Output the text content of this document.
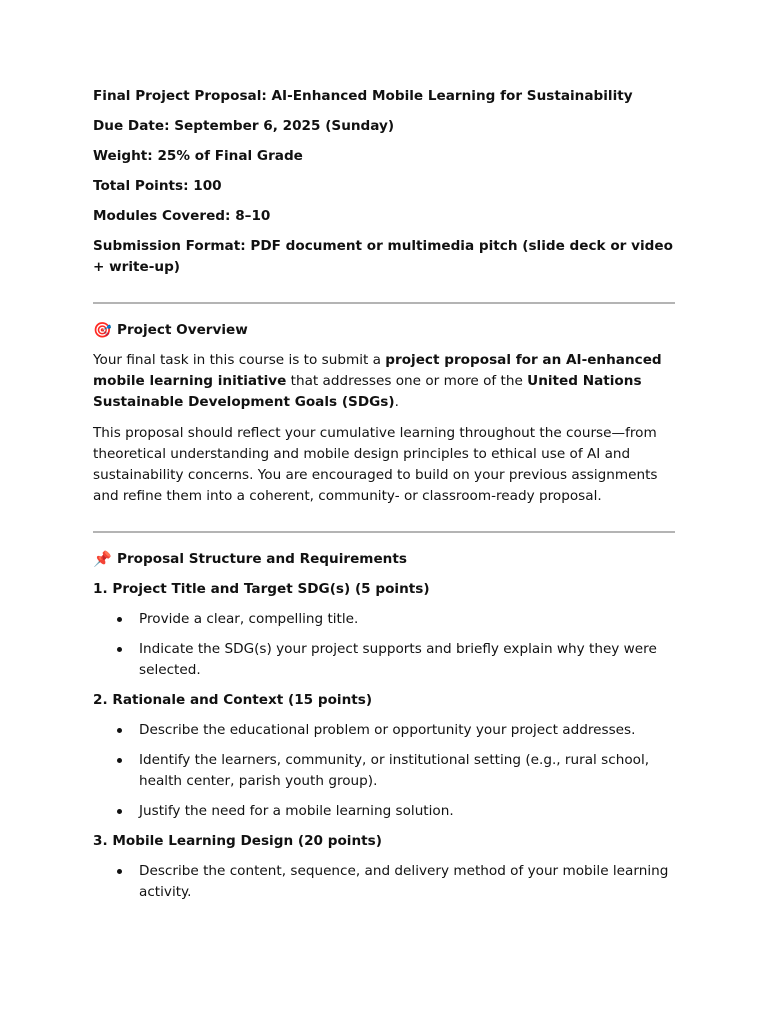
Final Project Proposal: AI-Enhanced Mobile Learning for Sustainability

Due Date: September 6, 2025 (Sunday)

Weight: 25% of Final Grade

Total Points: 100

Modules Covered: 8–10

Submission Format: PDF document or multimedia pitch (slide deck or video + write-up)

🎯 Project Overview

Your final task in this course is to submit a project proposal for an AI-enhanced mobile learning initiative that addresses one or more of the United Nations Sustainable Development Goals (SDGs).

This proposal should reflect your cumulative learning throughout the course—from theoretical understanding and mobile design principles to ethical use of AI and sustainability concerns. You are encouraged to build on your previous assignments and refine them into a coherent, community- or classroom-ready proposal.

📌 Proposal Structure and Requirements

1. Project Title and Target SDG(s) (5 points)

Provide a clear, compelling title.
Indicate the SDG(s) your project supports and briefly explain why they were selected.

2. Rationale and Context (15 points)

Describe the educational problem or opportunity your project addresses.
Identify the learners, community, or institutional setting (e.g., rural school, health center, parish youth group).
Justify the need for a mobile learning solution.

3. Mobile Learning Design (20 points)

Describe the content, sequence, and delivery method of your mobile learning activity.
